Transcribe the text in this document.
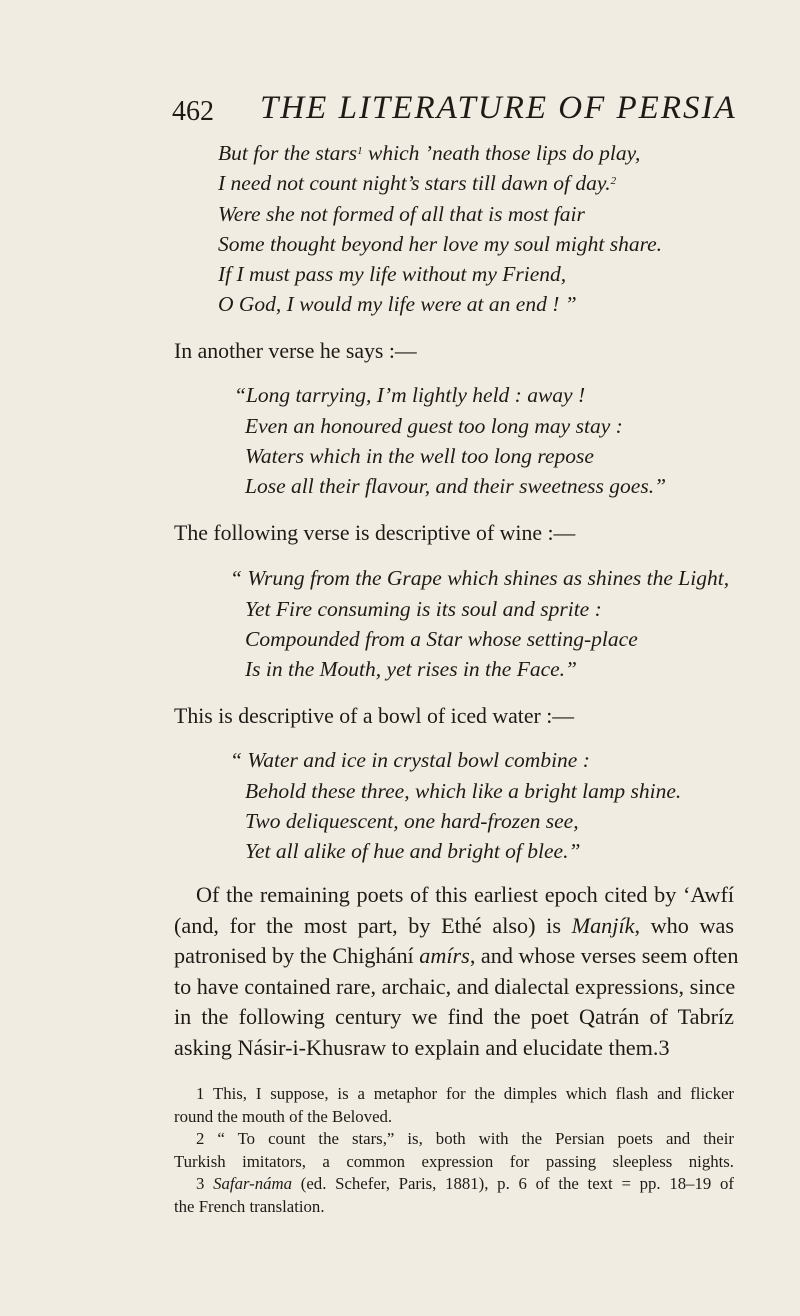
462 THE LITERATURE OF PERSIA
But for the stars$^1$ which ’neath those lips do play,
I need not count night’s stars till dawn of day.$^2$
Were she not formed of all that is most fair
Some thought beyond her love my soul might share.
If I must pass my life without my Friend,
O God, I would my life were at an end ! ”
In another verse he says :—
“Long tarrying, I’m lightly held : away !
Even an honoured guest too long may stay :
Waters which in the well too long repose
Lose all their flavour, and their sweetness goes.”
The following verse is descriptive of wine :—
“ Wrung from the Grape which shines as shines the Light,
Yet Fire consuming is its soul and sprite :
Compounded from a Star whose setting-place
Is in the Mouth, yet rises in the Face.”
This is descriptive of a bowl of iced water :—
“ Water and ice in crystal bowl combine :
Behold these three, which like a bright lamp shine.
Two deliquescent, one hard-frozen see,
Yet all alike of hue and bright of blee.”
Of the remaining poets of this earliest epoch cited by ‘Awfí
(and, for the most part, by Ethé also) is Manjík, who was
patronised by the Chighání amírs, and whose verses seem often
to have contained rare, archaic, and dialectal expressions, since
in the following century we find the poet Qatrán of Tabríz
asking Násir-i-Khusraw to explain and elucidate them.3
1 This, I suppose, is a metaphor for the dimples which flash and flicker
round the mouth of the Beloved.
2 “ To count the stars,” is, both with the Persian poets and their
Turkish imitators, a common expression for passing sleepless nights.
3 Safar-náma (ed. Schefer, Paris, 1881), p. 6 of the text = pp. 18–19 of
the French translation.
